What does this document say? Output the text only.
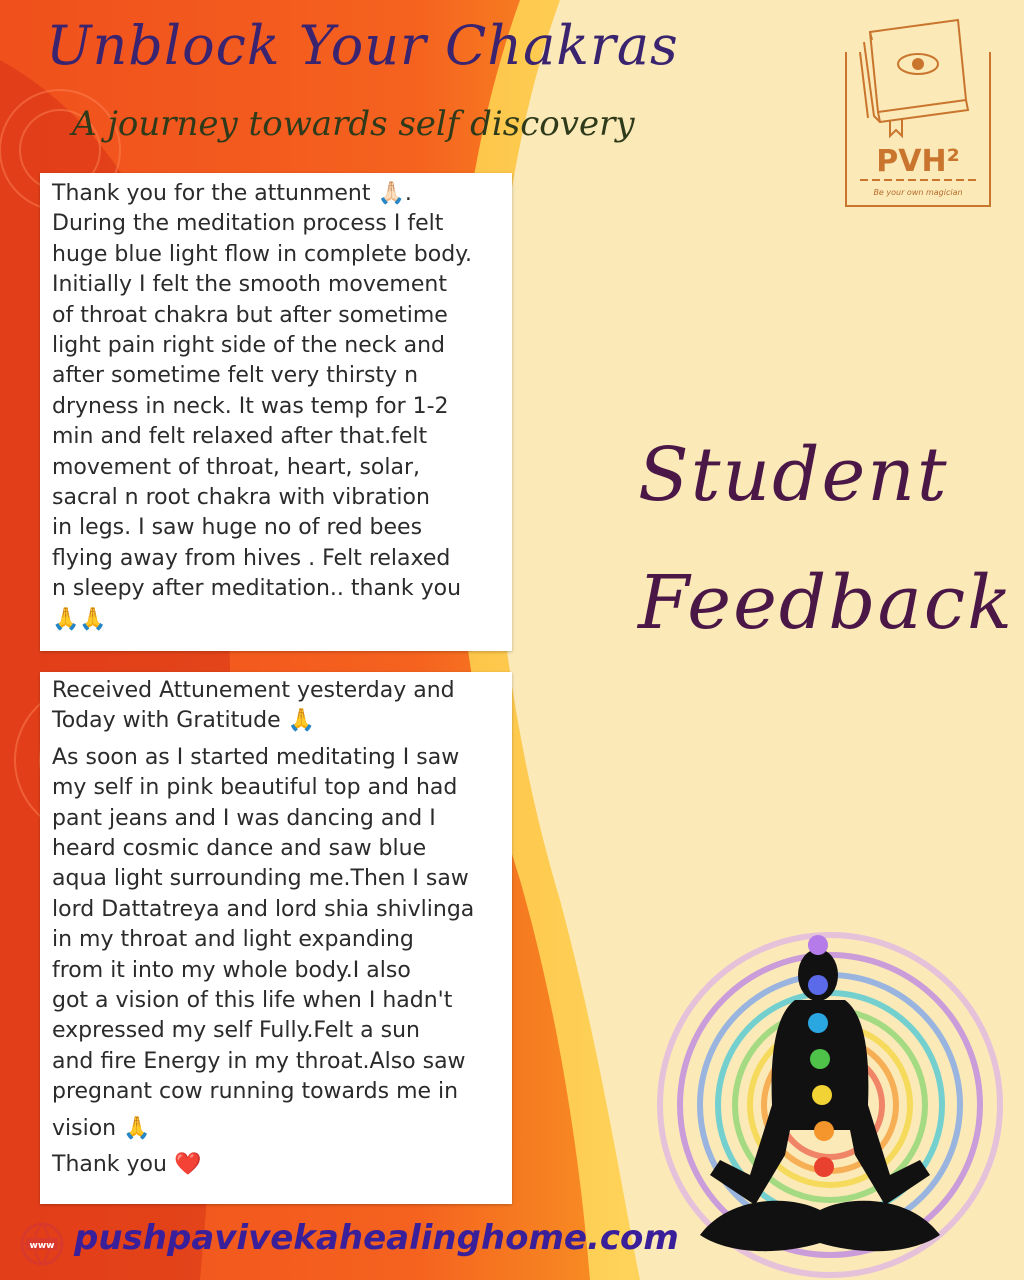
Unblock Your Chakras
A journey towards self discovery
PVH²
Be your own magician
Thank you for the attunment 🙏🏻.
During the meditation process I felt
huge blue light flow in complete body.
Initially I felt the smooth movement
of throat chakra but after sometime
light pain right side of the neck and
after sometime felt very thirsty n
dryness in neck. It was temp for 1-2
min and felt relaxed after that.felt
movement of throat, heart, solar,
sacral n root chakra with vibration
in legs. I saw huge no of red bees
flying away from hives . Felt relaxed
n sleepy after meditation.. thank you
🙏🙏
Received Attunement yesterday and
Today with Gratitude 🙏
As soon as I started meditating I saw
my self in pink beautiful top and had
pant jeans and I was dancing and I
heard cosmic dance and saw blue
aqua light surrounding me.Then I saw
lord Dattatreya and lord shia shivlinga
in my throat and light expanding
from it into my whole body.I also
got a vision of this life when I hadn't
expressed my self Fully.Felt a sun
and fire Energy in my throat.Also saw
pregnant cow running towards me in
vision 🙏
Thank you ❤️
Student
Feedback
www pushpavivekahealinghome.com
